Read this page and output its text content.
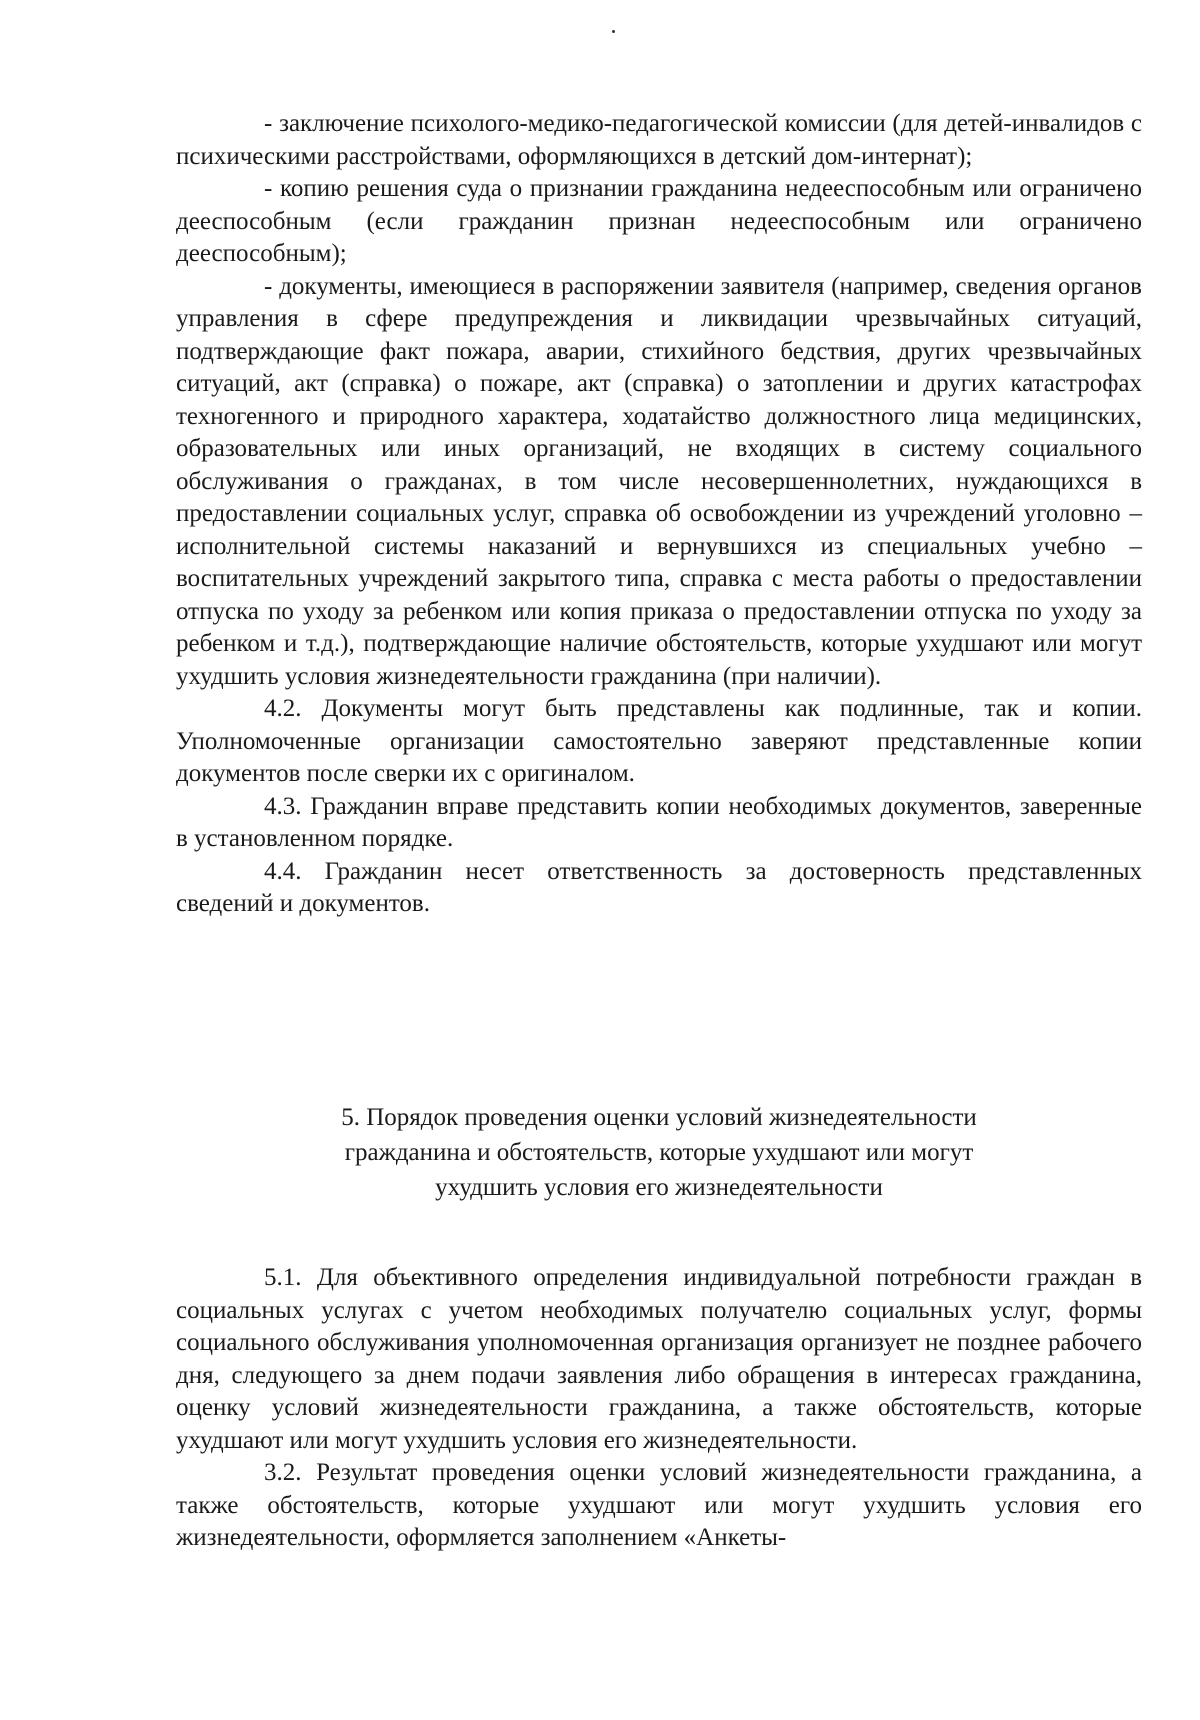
- заключение психолого-медико-педагогической комиссии (для детей-инвалидов с психическими расстройствами, оформляющихся в детский дом-интернат);

- копию решения суда о признании гражданина недееспособным или ограничено дееспособным (если гражданин признан недееспособным или ограничено дееспособным);

- документы, имеющиеся в распоряжении заявителя (например, сведения органов управления в сфере предупреждения и ликвидации чрезвычайных ситуаций, подтверждающие факт пожара, аварии, стихийного бедствия, других чрезвычайных ситуаций, акт (справка) о пожаре, акт (справка) о затоплении и других катастрофах техногенного и природного характера, ходатайство должностного лица медицинских, образовательных или иных организаций, не входящих в систему социального обслуживания о гражданах, в том числе несовершеннолетних, нуждающихся в предоставлении социальных услуг, справка об освобождении из учреждений уголовно – исполнительной системы наказаний и вернувшихся из специальных учебно – воспитательных учреждений закрытого типа, справка с места работы о предоставлении отпуска по уходу за ребенком или копия приказа о предоставлении отпуска по уходу за ребенком и т.д.), подтверждающие наличие обстоятельств, которые ухудшают или могут ухудшить условия жизнедеятельности гражданина (при наличии).

4.2. Документы могут быть представлены как подлинные, так и копии. Уполномоченные организации самостоятельно заверяют представленные копии документов после сверки их с оригиналом.

4.3. Гражданин вправе представить копии необходимых документов, заверенные в установленном порядке.

4.4. Гражданин несет ответственность за достоверность представленных сведений и документов.

5. Порядок проведения оценки условий жизнедеятельности
гражданина и обстоятельств, которые ухудшают или могут
ухудшить условия его жизнедеятельности

5.1. Для объективного определения индивидуальной потребности граждан в социальных услугах с учетом необходимых получателю социальных услуг, формы социального обслуживания уполномоченная организация организует не позднее рабочего дня, следующего за днем подачи заявления либо обращения в интересах гражданина, оценку условий жизнедеятельности гражданина, а также обстоятельств, которые ухудшают или могут ухудшить условия его жизнедеятельности.

3.2. Результат проведения оценки условий жизнедеятельности гражданина, а также обстоятельств, которые ухудшают или могут ухудшить условия его жизнедеятельности, оформляется заполнением «Анкеты-
